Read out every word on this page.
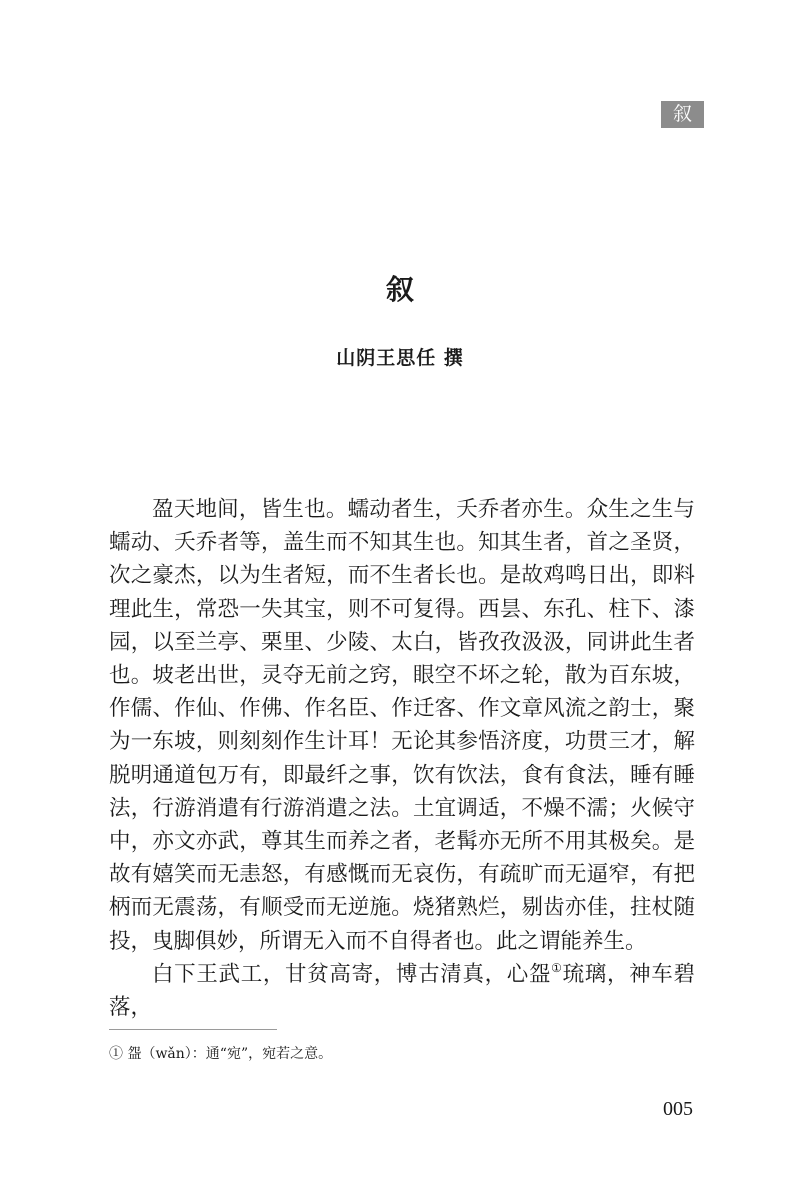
叙
叙
山阴王思任 撰

盈天地间，皆生也。蠕动者生，夭乔者亦生。众生之生与蠕动、夭乔者等，盖生而不知其生也。知其生者，首之圣贤，次之豪杰，以为生者短，而不生者长也。是故鸡鸣日出，即料理此生，常恐一失其宝，则不可复得。西昙、东孔、柱下、漆园，以至兰亭、栗里、少陵、太白，皆孜孜汲汲，同讲此生者也。坡老出世，灵夺无前之窍，眼空不坏之轮，散为百东坡，作儒、作仙、作佛、作名臣、作迁客、作文章风流之韵士，聚为一东坡，则刻刻作生计耳！无论其参悟济度，功贯三才，解脱明通道包万有，即最纤之事，饮有饮法，食有食法，睡有睡法，行游消遣有行游消遣之法。土宜调适，不燥不濡；火候守中，亦文亦武，尊其生而养之者，老髯亦无所不用其极矣。是故有嬉笑而无恚怒，有感慨而无哀伤，有疏旷而无逼窄，有把柄而无震荡，有顺受而无逆施。烧猪熟烂，剔齿亦佳，拄杖随投，曳脚俱妙，所谓无入而不自得者也。此之谓能养生。

白下王武工，甘贫高寄，博古清真，心盌①琉璃，神车碧落，

① 盌（wǎn）：通“宛”，宛若之意。
005
